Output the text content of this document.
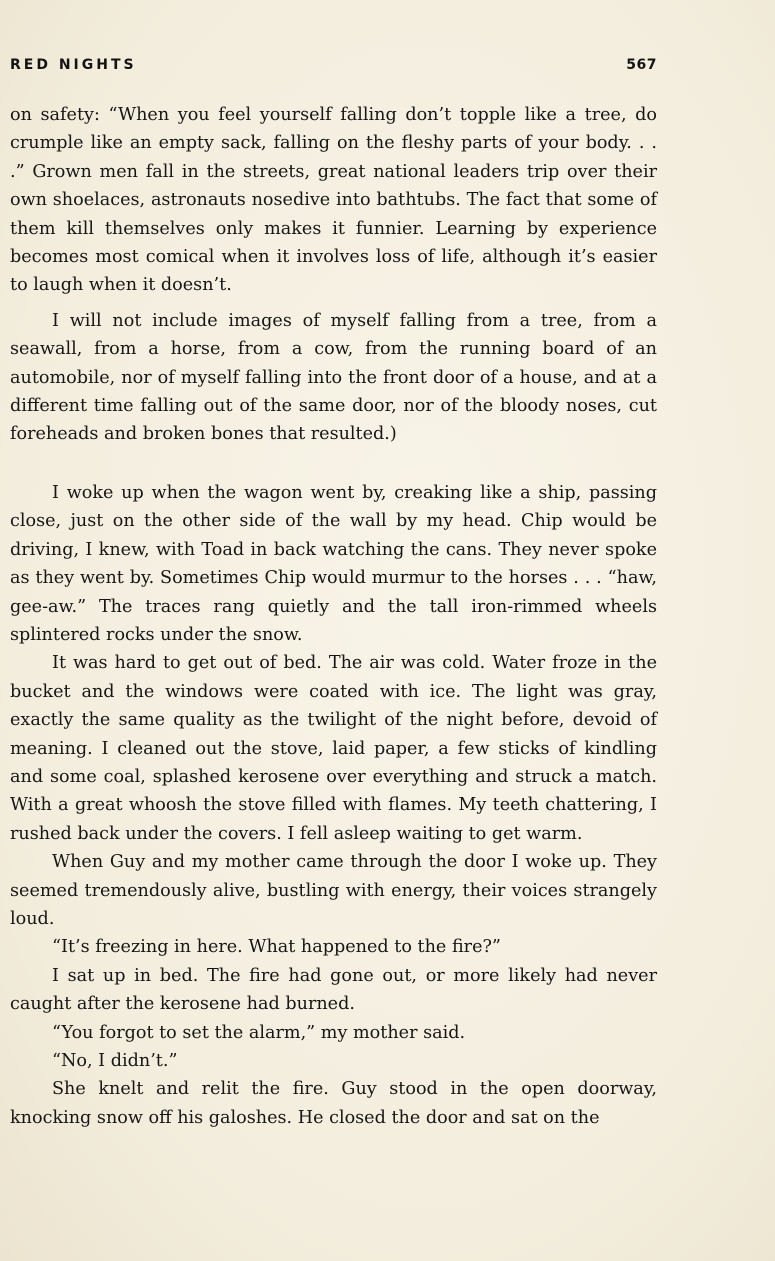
RED NIGHTS	567

on safety: “When you feel yourself falling don’t topple like a tree, do crumple like an empty sack, falling on the fleshy parts of your body. . . .” Grown men fall in the streets, great national leaders trip over their own shoelaces, astronauts nosedive into bathtubs. The fact that some of them kill themselves only makes it funnier. Learning by experience becomes most comical when it involves loss of life, although it’s easier to laugh when it doesn’t.

I will not include images of myself falling from a tree, from a seawall, from a horse, from a cow, from the running board of an automobile, nor of myself falling into the front door of a house, and at a different time falling out of the same door, nor of the bloody noses, cut foreheads and broken bones that resulted.)

I woke up when the wagon went by, creaking like a ship, passing close, just on the other side of the wall by my head. Chip would be driving, I knew, with Toad in back watching the cans. They never spoke as they went by. Sometimes Chip would murmur to the horses . . . “haw, gee-aw.” The traces rang quietly and the tall iron-rimmed wheels splintered rocks under the snow.

It was hard to get out of bed. The air was cold. Water froze in the bucket and the windows were coated with ice. The light was gray, exactly the same quality as the twilight of the night before, devoid of meaning. I cleaned out the stove, laid paper, a few sticks of kindling and some coal, splashed kerosene over everything and struck a match. With a great whoosh the stove filled with flames. My teeth chattering, I rushed back under the covers. I fell asleep waiting to get warm.

When Guy and my mother came through the door I woke up. They seemed tremendously alive, bustling with energy, their voices strangely loud.

“It’s freezing in here. What happened to the fire?”

I sat up in bed. The fire had gone out, or more likely had never caught after the kerosene had burned.

“You forgot to set the alarm,” my mother said.

“No, I didn’t.”

She knelt and relit the fire. Guy stood in the open doorway, knocking snow off his galoshes. He closed the door and sat on the
